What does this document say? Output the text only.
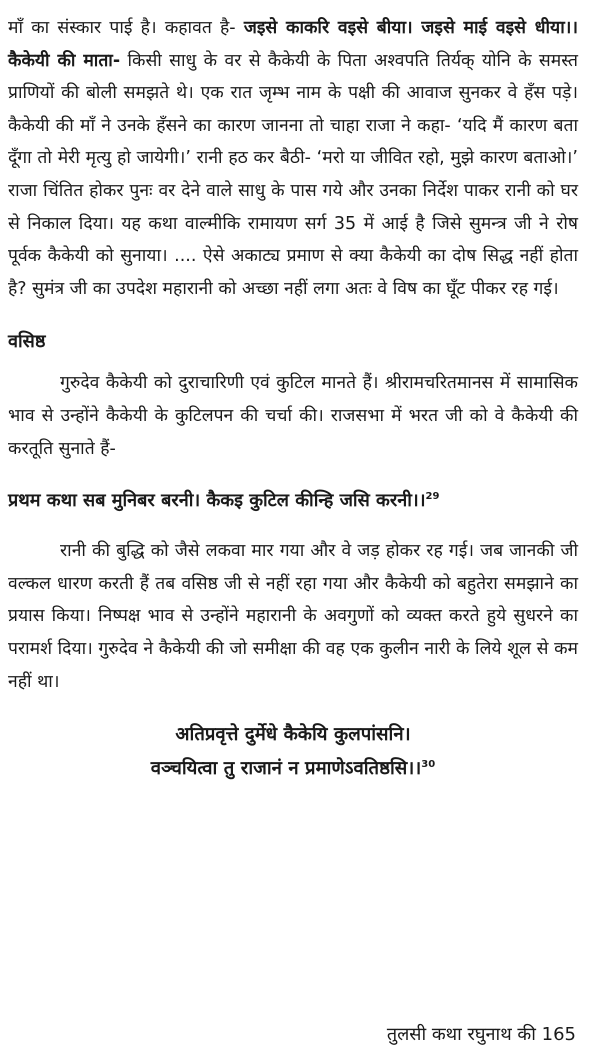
माँ का संस्कार पाई है। कहावत है- जइसे काकरि वइसे बीया। जइसे माई वइसे धीया।। कैकेयी की माता- किसी साधु के वर से कैकेयी के पिता अश्वपति तिर्यक् योनि के समस्त प्राणियों की बोली समझते थे। एक रात जृम्भ नाम के पक्षी की आवाज सुनकर वे हँस पड़े। कैकेयी की माँ ने उनके हँसने का कारण जानना तो चाहा राजा ने कहा- ‘यदि मैं कारण बता दूँगा तो मेरी मृत्यु हो जायेगी।’ रानी हठ कर बैठी- ‘मरो या जीवित रहो, मुझे कारण बताओ।’ राजा चिंतित होकर पुनः वर देने वाले साधु के पास गये और उनका निर्देश पाकर रानी को घर से निकाल दिया। यह कथा वाल्मीकि रामायण सर्ग 35 में आई है जिसे सुमन्त्र जी ने रोष पूर्वक कैकेयी को सुनाया। .... ऐसे अकाट्य प्रमाण से क्या कैकेयी का दोष सिद्ध नहीं होता है? सुमंत्र जी का उपदेश महारानी को अच्छा नहीं लगा अतः वे विष का घूँट पीकर रह गई।

वसिष्ठ

गुरुदेव कैकेयी को दुराचारिणी एवं कुटिल मानते हैं। श्रीरामचरितमानस में सामासिक भाव से उन्होंने कैकेयी के कुटिलपन की चर्चा की। राजसभा में भरत जी को वे कैकेयी की करतूति सुनाते हैं-

प्रथम कथा सब मुनिबर बरनी। कैकइ कुटिल कीन्हि जसि करनी।।$^{29}$

रानी की बुद्धि को जैसे लकवा मार गया और वे जड़ होकर रह गई। जब जानकी जी वल्कल धारण करती हैं तब वसिष्ठ जी से नहीं रहा गया और कैकेयी को बहुतेरा समझाने का प्रयास किया। निष्पक्ष भाव से उन्होंने महारानी के अवगुणों को व्यक्त करते हुये सुधरने का परामर्श दिया। गुरुदेव ने कैकेयी की जो समीक्षा की वह एक कुलीन नारी के लिये शूल से कम नहीं था।

अतिप्रवृत्ते दुर्मेधे कैकेयि कुलपांसनि।
वञ्चयित्वा तु राजानं न प्रमाणेऽवतिष्ठसि।।$^{30}$
तुलसी कथा रघुनाथ की 165
